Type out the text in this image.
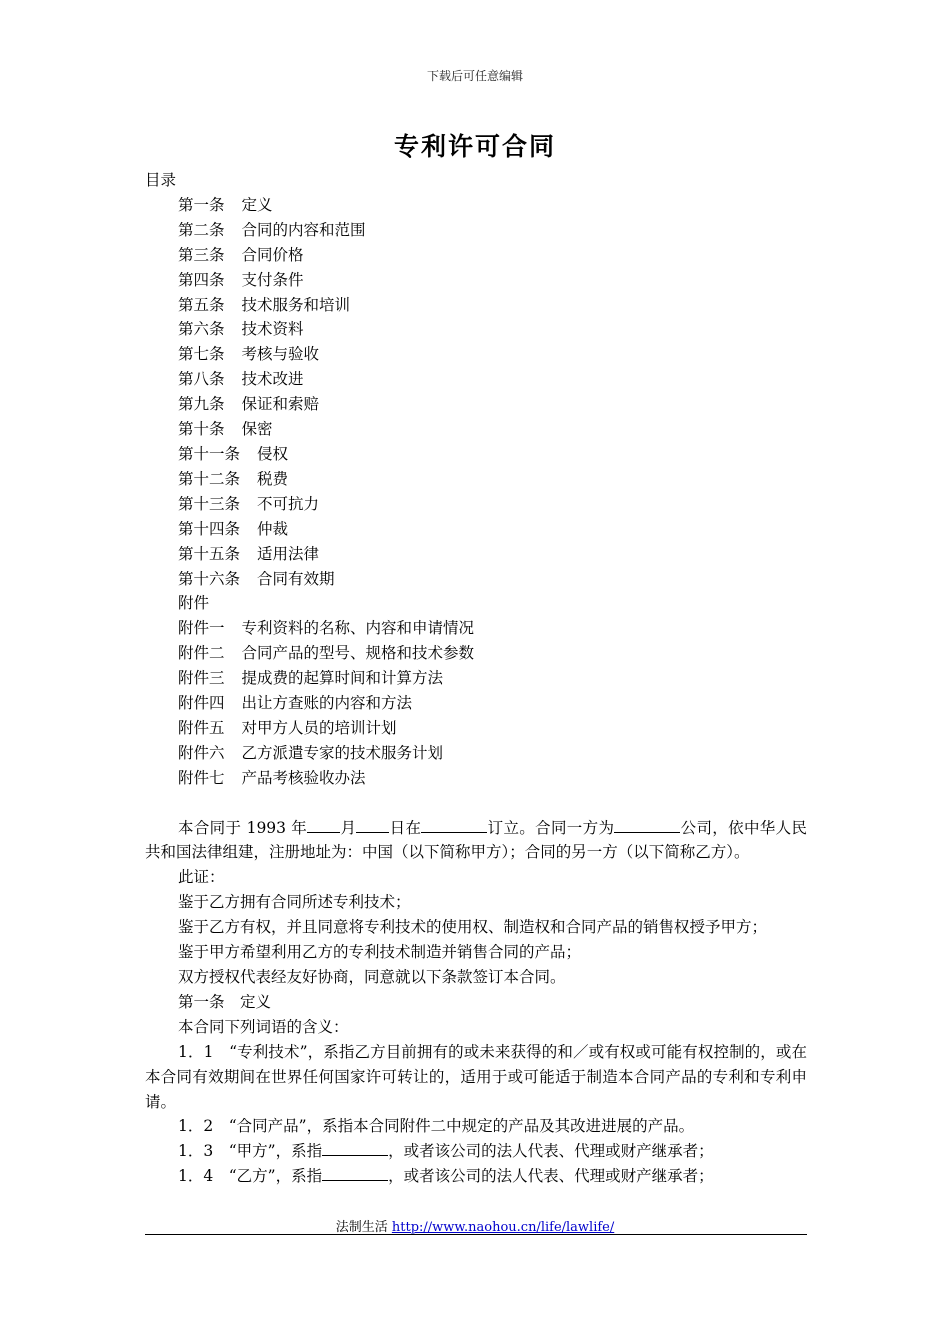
下载后可任意编辑
专利许可合同
目录
第一条 定义
第二条 合同的内容和范围
第三条 合同价格
第四条 支付条件
第五条 技术服务和培训
第六条 技术资料
第七条 考核与验收
第八条 技术改进
第九条 保证和索赔
第十条 保密
第十一条 侵权
第十二条 税费
第十三条 不可抗力
第十四条 仲裁
第十五条 适用法律
第十六条 合同有效期
附件
附件一 专利资料的名称、内容和申请情况
附件二 合同产品的型号、规格和技术参数
附件三 提成费的起算时间和计算方法
附件四 出让方查账的内容和方法
附件五 对甲方人员的培训计划
附件六 乙方派遣专家的技术服务计划
附件七 产品考核验收办法
本合同于 1993 年 月 日在	订立。合同一方为	公司，依中华人民共和国法律组建，注册地址为：中国（以下简称甲方）；合同的另一方（以下简称乙方）。
此证：
鉴于乙方拥有合同所述专利技术；
鉴于乙方有权，并且同意将专利技术的使用权、制造权和合同产品的销售权授予甲方；
鉴于甲方希望利用乙方的专利技术制造并销售合同的产品；
双方授权代表经友好协商，同意就以下条款签订本合同。
第一条　定义
本合同下列词语的含义：
1．1　“专利技术”，系指乙方目前拥有的或未来获得的和／或有权或可能有权控制的，或在本合同有效期间在世界任何国家许可转让的，适用于或可能适于制造本合同产品的专利和专利申请。
1．2　“合同产品”，系指本合同附件二中规定的产品及其改进进展的产品。
1．3　“甲方”，系指	，或者该公司的法人代表、代理或财产继承者；
1．4　“乙方”，系指	，或者该公司的法人代表、代理或财产继承者；
法制生活 http://www.naohou.cn/life/lawlife/
